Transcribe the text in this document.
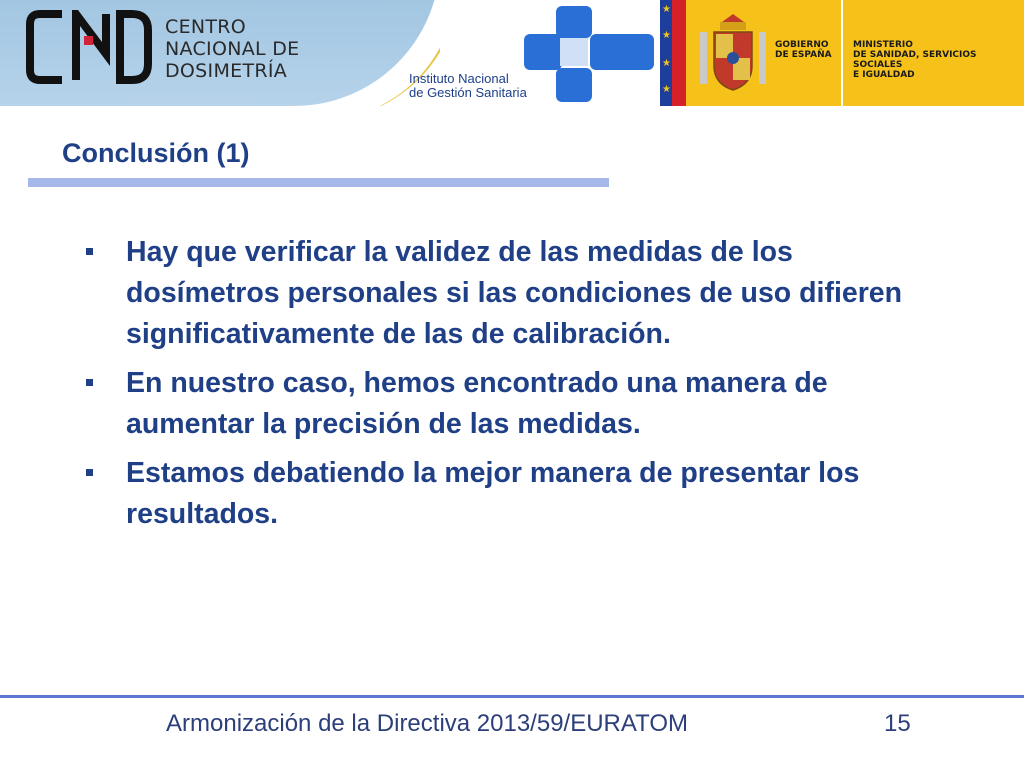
CENTRO
NACIONAL DE
DOSIMETRÍA	Instituto Nacional
de Gestión Sanitaria
★
★
★
★
GOBIERNO
DE ESPAÑA
MINISTERIO
DE SANIDAD, SERVICIOS SOCIALES
E IGUALDAD
Conclusión (1)
Hay que verificar la validez de las medidas de los dosímetros personales si las condiciones de uso difieren significativamente de las de calibración.
En nuestro caso, hemos encontrado una manera de aumentar la precisión de las medidas.
Estamos debatiendo la mejor manera de presentar los resultados.
Armonización de la Directiva 2013/59/EURATOM	15
